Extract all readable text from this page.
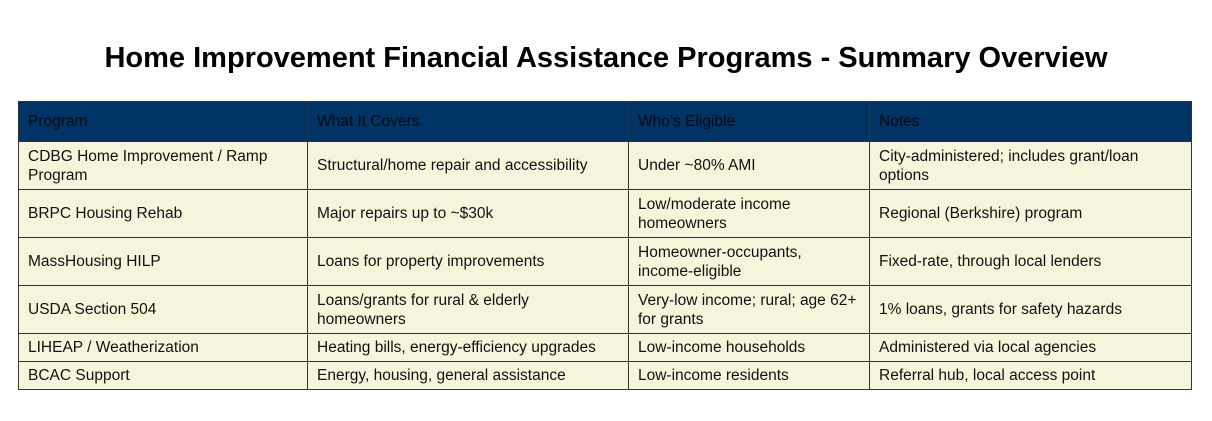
Home Improvement Financial Assistance Programs - Summary Overview
Program	What It Covers	Who’s Eligible	Notes
CDBG Home Improvement / Ramp Program	Structural/home repair and accessibility	Under ~80% AMI	City-administered; includes grant/loan options
BRPC Housing Rehab	Major repairs up to ~$30k	Low/moderate income homeowners	Regional (Berkshire) program
MassHousing HILP	Loans for property improvements	Homeowner-occupants, income-eligible	Fixed-rate, through local lenders
USDA Section 504	Loans/grants for rural & elderly homeowners	Very-low income; rural; age 62+ for grants	1% loans, grants for safety hazards
LIHEAP / Weatherization	Heating bills, energy-efficiency upgrades	Low-income households	Administered via local agencies
BCAC Support	Energy, housing, general assistance	Low-income residents	Referral hub, local access point
